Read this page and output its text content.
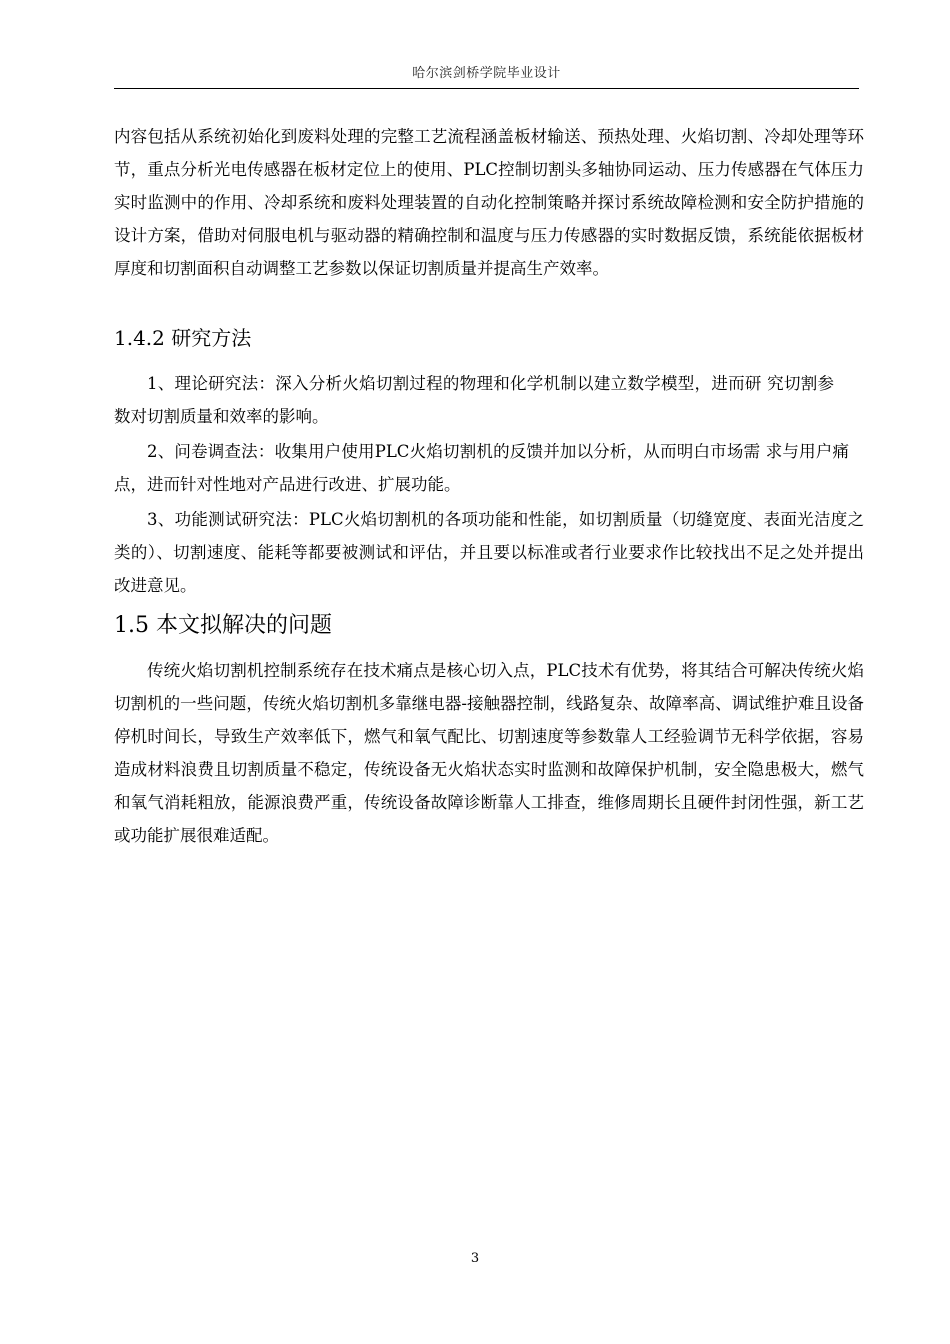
哈尔滨剑桥学院毕业设计

内容包括从系统初始化到废料处理的完整工艺流程涵盖板材输送、预热处理、火焰切割、冷却处理等环节，重点分析光电传感器在板材定位上的使用、PLC控制切割头多轴协同运动、压力传感器在气体压力实时监测中的作用、冷却系统和废料处理装置的自动化控制策略并探讨系统故障检测和安全防护措施的设计方案，借助对伺服电机与驱动器的精确控制和温度与压力传感器的实时数据反馈，系统能依据板材厚度和切割面积自动调整工艺参数以保证切割质量并提高生产效率。

1.4.2 研究方法

1、理论研究法：深入分析火焰切割过程的物理和化学机制以建立数学模型，进而研 究切割参数对切割质量和效率的影响。

2、问卷调查法：收集用户使用PLC火焰切割机的反馈并加以分析，从而明白市场需 求与用户痛点，进而针对性地对产品进行改进、扩展功能。

3、功能测试研究法：PLC火焰切割机的各项功能和性能，如切割质量（切缝宽度、表面光洁度之类的）、切割速度、能耗等都要被测试和评估，并且要以标准或者行业要求作比较找出不足之处并提出改进意见。

1.5 本文拟解决的问题

传统火焰切割机控制系统存在技术痛点是核心切入点，PLC技术有优势，将其结合可解决传统火焰切割机的一些问题，传统火焰切割机多靠继电器-接触器控制，线路复杂、故障率高、调试维护难且设备停机时间长，导致生产效率低下，燃气和氧气配比、切割速度等参数靠人工经验调节无科学依据，容易造成材料浪费且切割质量不稳定，传统设备无火焰状态实时监测和故障保护机制，安全隐患极大，燃气和氧气消耗粗放，能源浪费严重，传统设备故障诊断靠人工排查，维修周期长且硬件封闭性强，新工艺或功能扩展很难适配。

3
